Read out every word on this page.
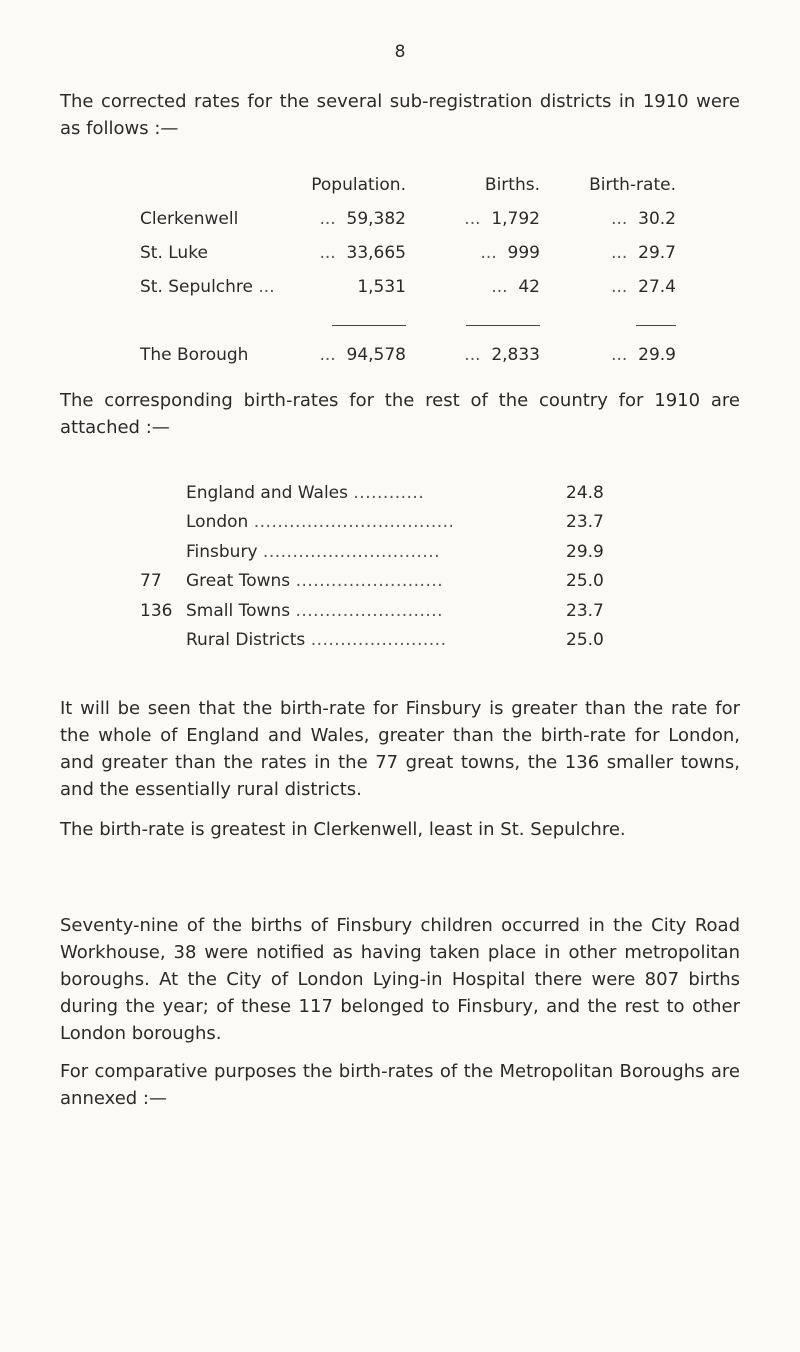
8
The corrected rates for the several sub-registration districts in 1910 were as follows :—
	Population.	Births.	Birth-rate.
Clerkenwell	... 59,382	... 1,792	... 30.2
St. Luke	... 33,665	... 999	... 29.7
St. Sepulchre ...	1,531	... 42	... 27.4

The Borough	... 94,578	... 2,833	... 29.9
The corresponding birth-rates for the rest of the country for 1910 are attached :—
	England and Wales ............	24.8
	London ..................................	23.7
	Finsbury ..............................	29.9
77	Great Towns .........................	25.0
136	Small Towns .........................	23.7
	Rural Districts .......................	25.0
It will be seen that the birth-rate for Finsbury is greater than the rate for the whole of England and Wales, greater than the birth-rate for London, and greater than the rates in the 77 great towns, the 136 smaller towns, and the essentially rural districts.
The birth-rate is greatest in Clerkenwell, least in St. Sepulchre.
Seventy-nine of the births of Finsbury children occurred in the City Road Workhouse, 38 were notified as having taken place in other metropolitan boroughs. At the City of London Lying-in Hospital there were 807 births during the year; of these 117 belonged to Finsbury, and the rest to other London boroughs.
For comparative purposes the birth-rates of the Metropolitan Boroughs are annexed :—
